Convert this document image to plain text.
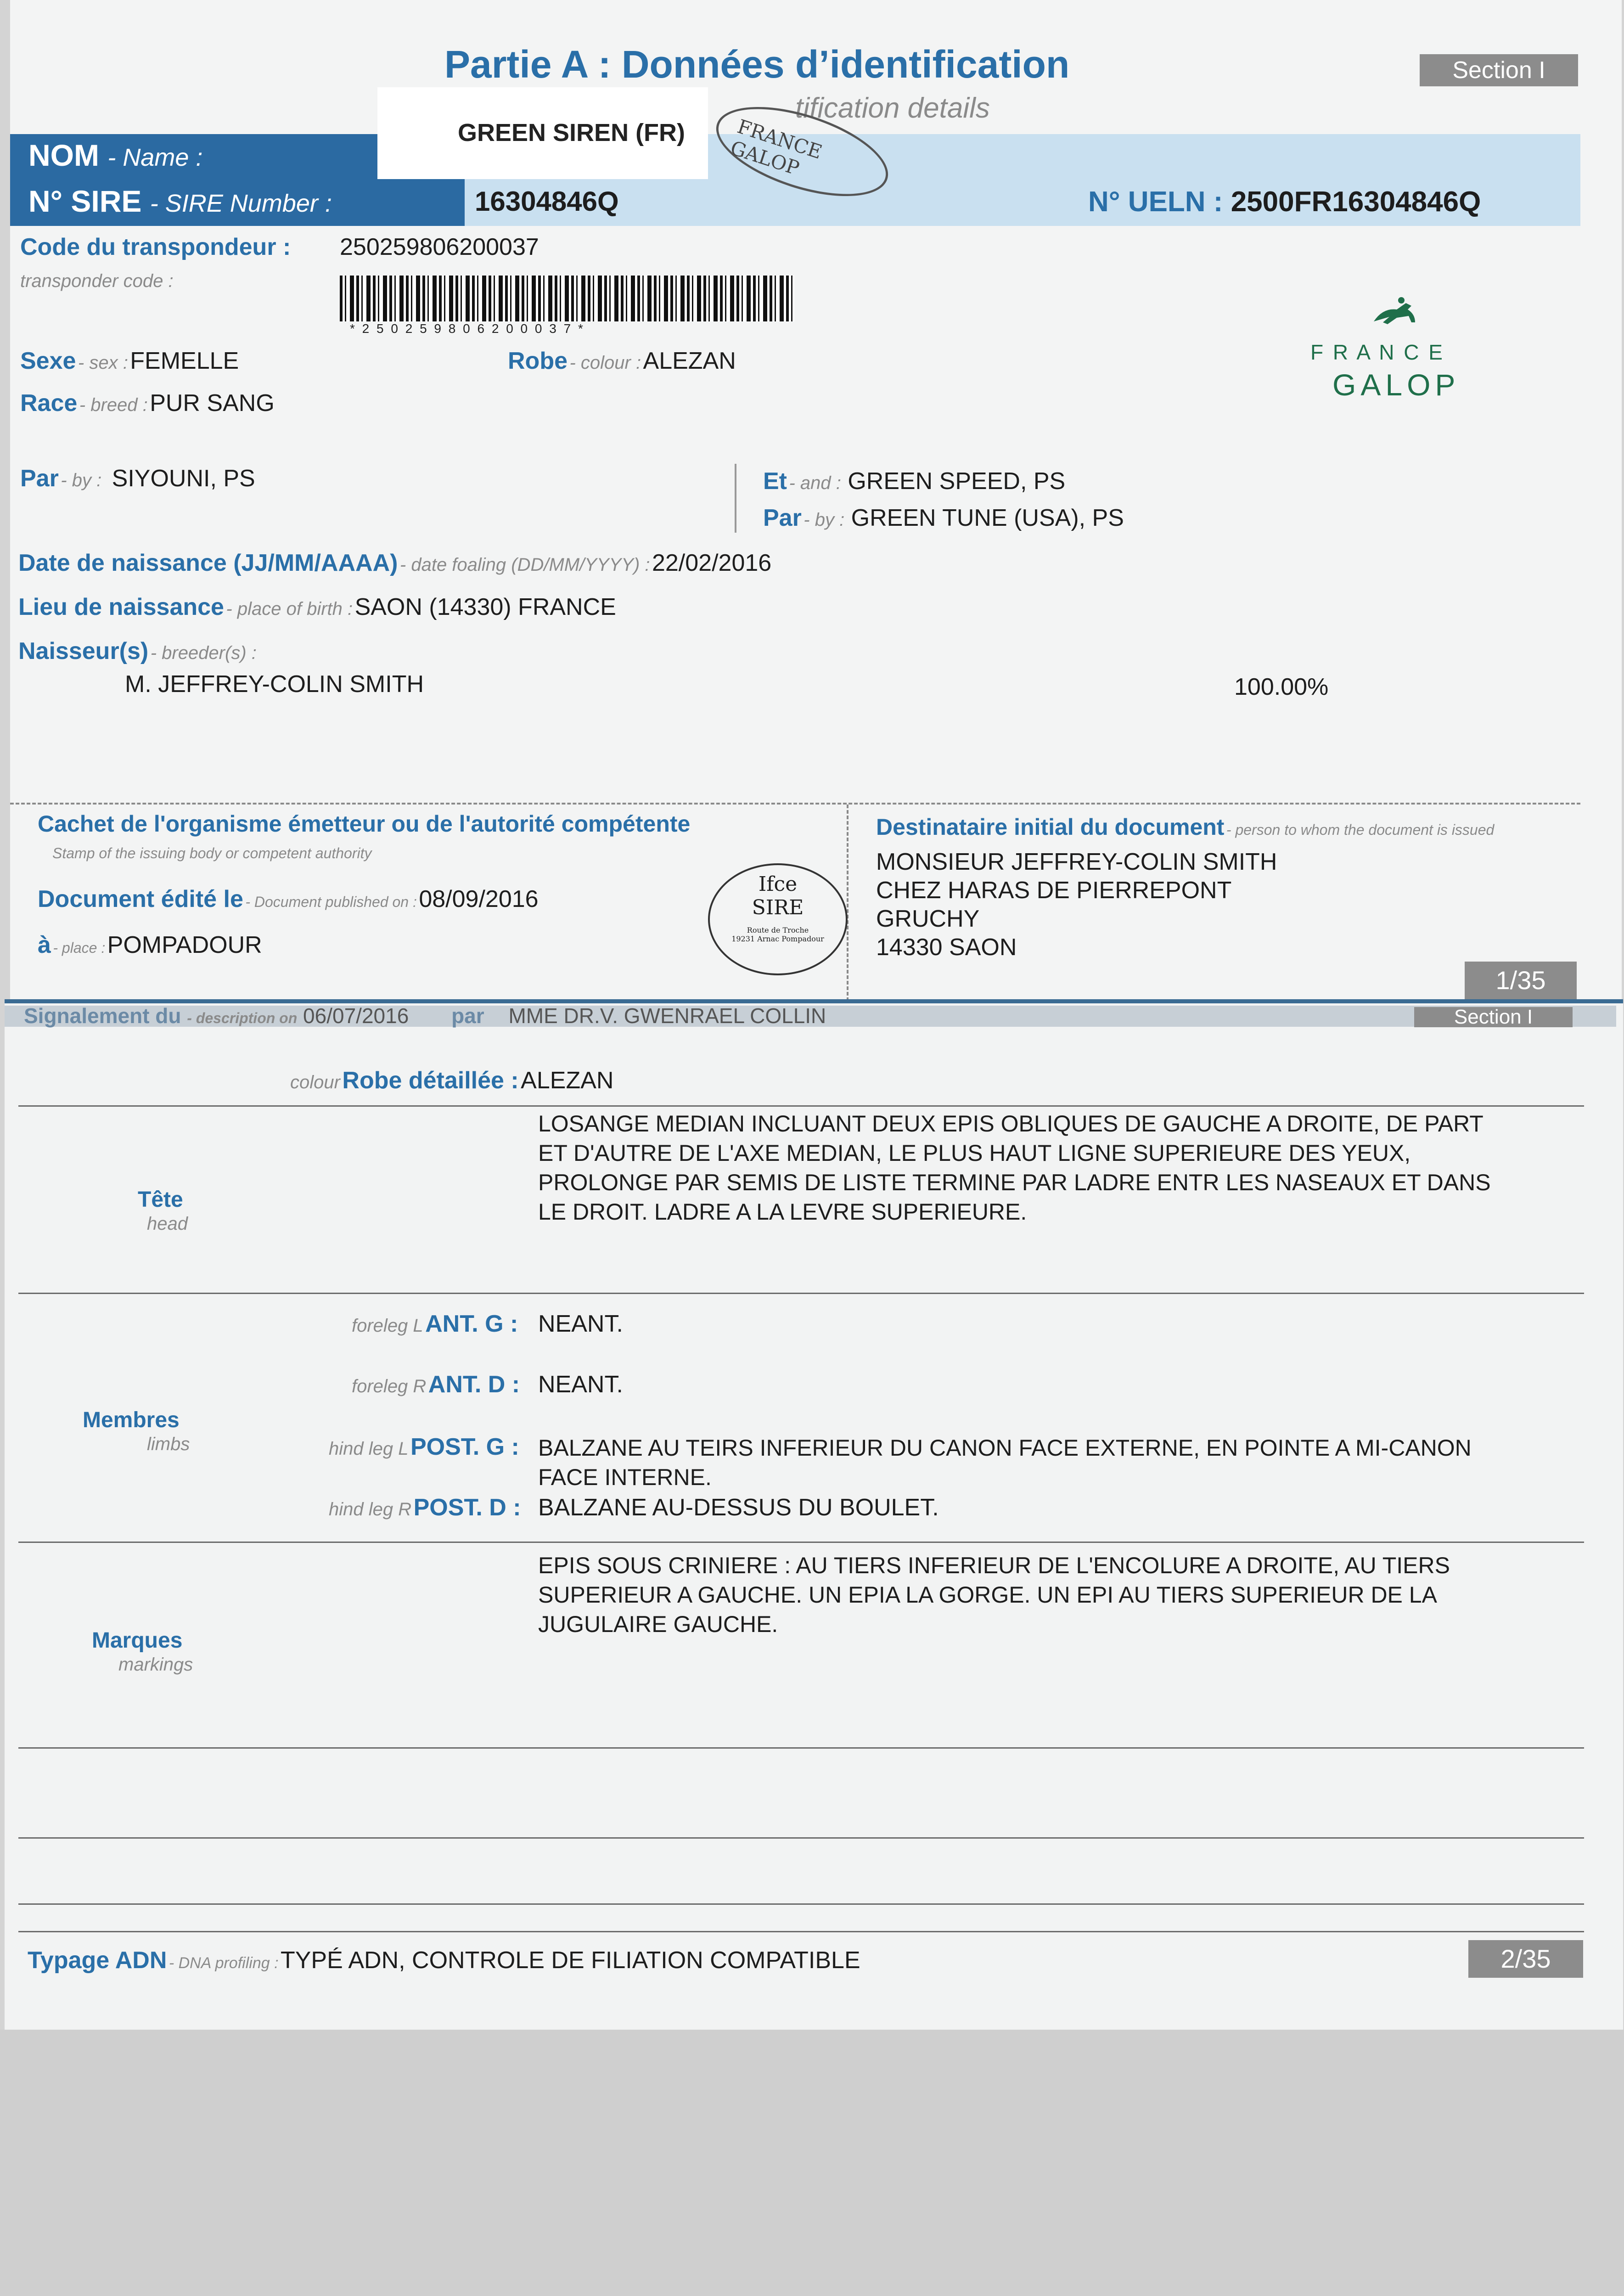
Partie A : Données d’identification
tification details
Section I
NOM - Name :
N° SIRE - SIRE Number :
GREEN SIREN (FR)	FRANCE GALOP
16304846Q	N° UELN : 2500FR16304846Q
Code du transpondeur : 250259806200037
transponder code :
* 2 5 0 2 5 9 8 0 6 2 0 0 0 3 7 *
Sexe - sex : FEMELLE	Robe - colour : ALEZAN
Race - breed : PUR SANG
F R A N C E
GALOP
Par - by : SIYOUNI, PS	Et - and : GREEN SPEED, PS
Par - by : GREEN TUNE (USA), PS
Date de naissance (JJ/MM/AAAA) - date foaling (DD/MM/YYYY) : 22/02/2016
Lieu de naissance - place of birth : SAON (14330) FRANCE
Naisseur(s) - breeder(s) :
M. JEFFREY-COLIN SMITH	100.00%
Cachet de l'organisme émetteur ou de l'autorité compétente
Stamp of the issuing body or competent authority
Document édité le - Document published on : 08/09/2016
à - place : POMPADOUR
Ifce
SIRE
Route de Troche
19231 Arnac Pompadour
Destinataire initial du document - person to whom the document is issued
MONSIEUR JEFFREY-COLIN SMITH
CHEZ HARAS DE PIERREPONT
GRUCHY
14330 SAON
1/35
Signalement du - description on 06/07/2016 par MME DR.V. GWENRAEL COLLIN	Section I
colour Robe détaillée : ALEZAN
LOSANGE MEDIAN INCLUANT DEUX EPIS OBLIQUES DE GAUCHE A DROITE, DE PART
ET D'AUTRE DE L'AXE MEDIAN, LE PLUS HAUT LIGNE SUPERIEURE DES YEUX,
PROLONGE PAR SEMIS DE LISTE TERMINE PAR LADRE ENTR LES NASEAUX ET DANS
LE DROIT. LADRE A LA LEVRE SUPERIEURE.
Tête
head
foreleg L ANT. G : NEANT.
foreleg R ANT. D : NEANT.
Membres
limbs	hind leg L POST. G : BALZANE AU TEIRS INFERIEUR DU CANON FACE EXTERNE, EN POINTE A MI-CANON
FACE INTERNE.
hind leg R POST. D : BALZANE AU-DESSUS DU BOULET.
EPIS SOUS CRINIERE : AU TIERS INFERIEUR DE L'ENCOLURE A DROITE, AU TIERS
SUPERIEUR A GAUCHE. UN EPIA LA GORGE. UN EPI AU TIERS SUPERIEUR DE LA
JUGULAIRE GAUCHE.
Marques
markings
Typage ADN - DNA profiling : TYPÉ ADN, CONTROLE DE FILIATION COMPATIBLE	2/35
